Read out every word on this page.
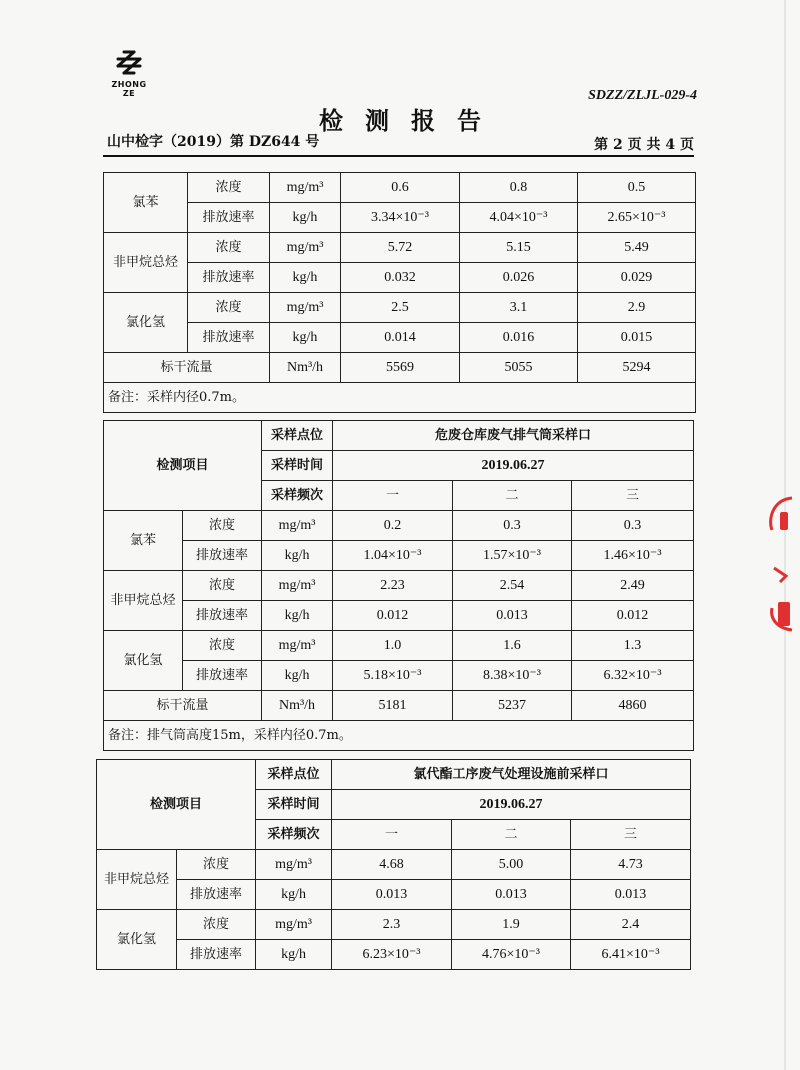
ZHONG ZE	SDZZ/ZLJL-029-4
检测报告
山中检字（2019）第 DZ644 号	第 2 页 共 4 页
氯苯	浓度	mg/m³	0.6	0.8	0.5
	排放速率	kg/h	3.34×10⁻³	4.04×10⁻³	2.65×10⁻³
非甲烷总烃	浓度	mg/m³	5.72	5.15	5.49
	排放速率	kg/h	0.032	0.026	0.029
氯化氢	浓度	mg/m³	2.5	3.1	2.9
	排放速率	kg/h	0.014	0.016	0.015
标干流量		Nm³/h	5569	5055	5294
备注：采样内径0.7m。					
检测项目		采样点位	危废仓库废气排气筒采样口		
		采样时间	2019.06.27		
		采样频次	一	二	三
氯苯	浓度	mg/m³	0.2	0.3	0.3
	排放速率	kg/h	1.04×10⁻³	1.57×10⁻³	1.46×10⁻³
非甲烷总烃	浓度	mg/m³	2.23	2.54	2.49
	排放速率	kg/h	0.012	0.013	0.012
氯化氢	浓度	mg/m³	1.0	1.6	1.3
	排放速率	kg/h	5.18×10⁻³	8.38×10⁻³	6.32×10⁻³
标干流量		Nm³/h	5181	5237	4860
备注：排气筒高度15m，采样内径0.7m。					
检测项目		采样点位	氯代酯工序废气处理设施前采样口		
		采样时间	2019.06.27		
		采样频次	一	二	三
非甲烷总烃	浓度	mg/m³	4.68	5.00	4.73
	排放速率	kg/h	0.013	0.013	0.013
氯化氢	浓度	mg/m³	2.3	1.9	2.4
	排放速率	kg/h	6.23×10⁻³	4.76×10⁻³	6.41×10⁻³
